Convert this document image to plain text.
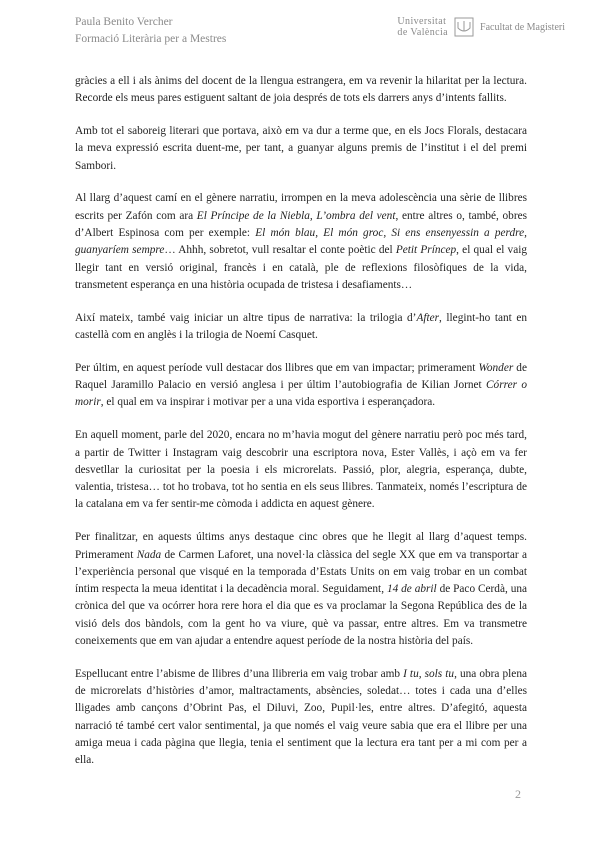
Paula Benito Vercher
Formació Literària per a Mestres
Universitat
de València	Facultat de Magisteri

gràcies a ell i als ànims del docent de la llengua estrangera, em va revenir la hilaritat per la lectura. Recorde els meus pares estiguent saltant de joia després de tots els darrers anys d’intents fallits.

Amb tot el saboreig literari que portava, això em va dur a terme que, en els Jocs Florals, destacara la meva expressió escrita duent-me, per tant, a guanyar alguns premis de l’institut i el del premi Sambori.

Al llarg d’aquest camí en el gènere narratiu, irrompen en la meva adolescència una sèrie de llibres escrits per Zafón com ara El Príncipe de la Niebla, L’ombra del vent, entre altres o, també, obres d’Albert Espinosa com per exemple: El món blau, El món groc, Si ens ensenyessin a perdre, guanyaríem sempre… Ahhh, sobretot, vull resaltar el conte poètic del Petit Príncep, el qual el vaig llegir tant en versió original, francès i en català, ple de reflexions filosòfiques de la vida, transmetent esperança en una història ocupada de tristesa i desafiaments…

Així mateix, també vaig iniciar un altre tipus de narrativa: la trilogia d’After, llegint-ho tant en castellà com en anglès i la trilogia de Noemí Casquet.

Per últim, en aquest període vull destacar dos llibres que em van impactar; primerament Wonder de Raquel Jaramillo Palacio en versió anglesa i per últim l’autobiografia de Kilian Jornet Córrer o morir, el qual em va inspirar i motivar per a una vida esportiva i esperançadora.

En aquell moment, parle del 2020, encara no m’havia mogut del gènere narratiu però poc més tard, a partir de Twitter i Instagram vaig descobrir una escriptora nova, Ester Vallès, i açò em va fer desvetllar la curiositat per la poesia i els microrelats. Passió, plor, alegria, esperança, dubte, valentia, tristesa… tot ho trobava, tot ho sentia en els seus llibres. Tanmateix, només l’escriptura de la catalana em va fer sentir-me còmoda i addicta en aquest gènere.

Per finalitzar, en aquests últims anys destaque cinc obres que he llegit al llarg d’aquest temps. Primerament Nada de Carmen Laforet, una novel·la clàssica del segle XX que em va transportar a l’experiència personal que visqué en la temporada d’Estats Units on em vaig trobar en un combat íntim respecta la meua identitat i la decadència moral. Seguidament, 14 de abril de Paco Cerdà, una crònica del que va ocórrer hora rere hora el dia que es va proclamar la Segona República des de la visió dels dos bàndols, com la gent ho va viure, què va passar, entre altres. Em va transmetre coneixements que em van ajudar a entendre aquest període de la nostra història del país.

Espellucant entre l’abisme de llibres d’una llibreria em vaig trobar amb I tu, sols tu, una obra plena de microrelats d’històries d’amor, maltractaments, absències, soledat… totes i cada una d’elles lligades amb cançons d’Obrint Pas, el Diluvi, Zoo, Pupil·les, entre altres. D’afegitó, aquesta narració té també cert valor sentimental, ja que només el vaig veure sabia que era el llibre per una amiga meua i cada pàgina que llegia, tenia el sentiment que la lectura era tant per a mi com per a ella.

2
